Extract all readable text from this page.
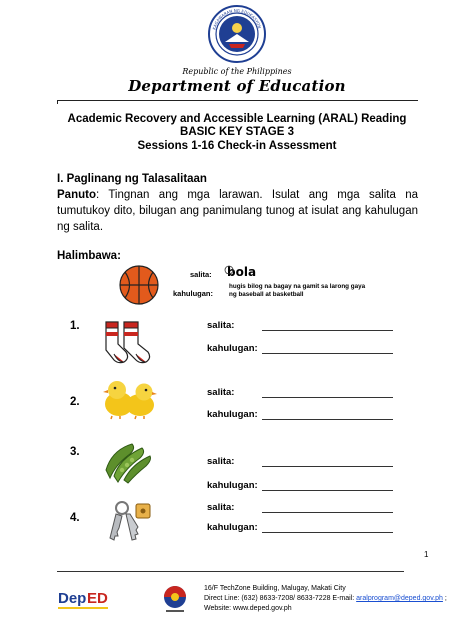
KAGAWARAN NG EDUKASYON
Republic of the Philippines
Department of Education
Academic Recovery and Accessible Learning (ARAL) Reading
BASIC KEY STAGE 3
Sessions 1-16 Check-in Assessment
I. Paglinang ng Talasalitaan
Panuto: Tingnan ang mga larawan. Isulat ang mga salita na tumutukoy dito, bilugan ang panimulang tunog at isulat ang kahulugan ng salita.
Halimbawa:
salita: bola
kahulugan:
hugis bilog na bagay na gamit sa larong gaya ng baseball at basketball
1.	salita:
kahulugan:
2.
salita:
kahulugan:
3.
salita:
kahulugan:
4.
salita:
kahulugan:
1
Dep ED
16/F TechZone Building, Malugay, Makati City
Direct Line: (632) 8633-7208/ 8633-7228 E-mail: aralprogram@deped.gov.ph ;
Website: www.deped.gov.ph
